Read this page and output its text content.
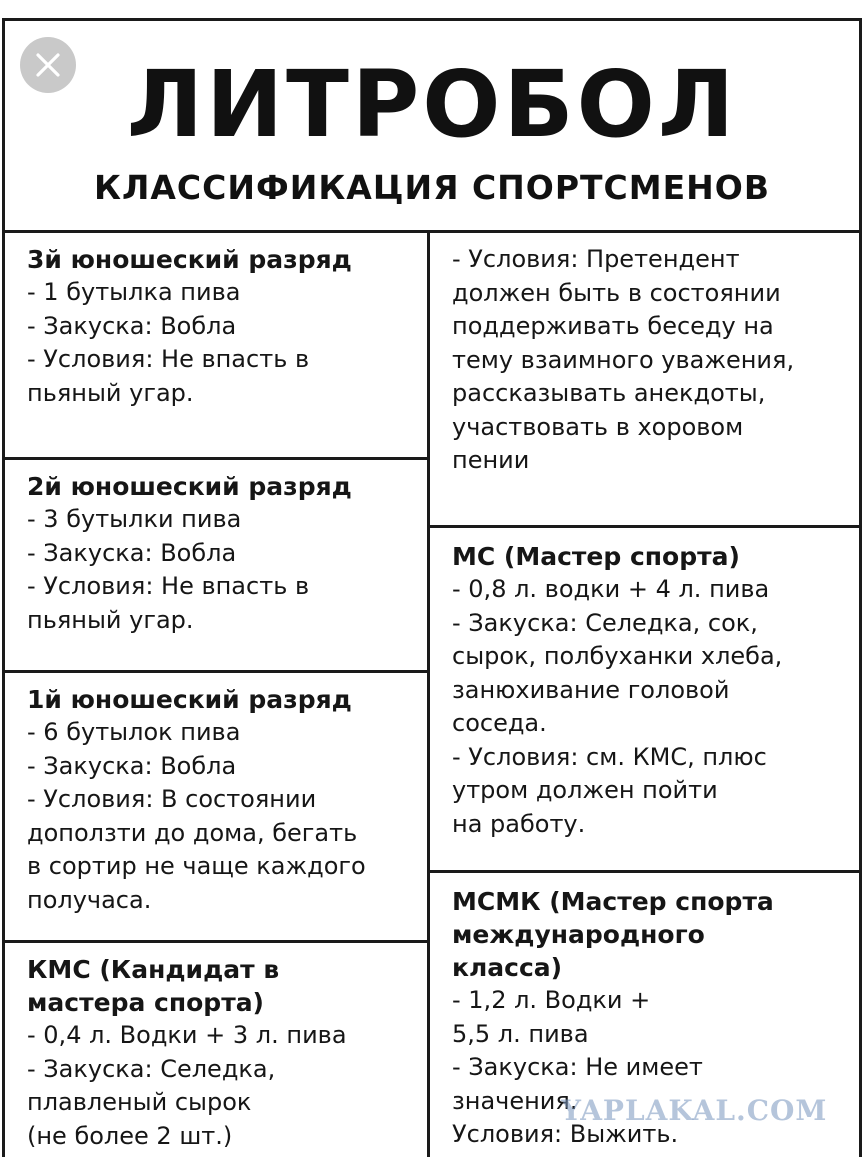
ЛИТРОБОЛ
КЛАССИФИКАЦИЯ СПОРТСМЕНОВ
3й юношеский разряд
- 1 бутылка пива
- Закуска: Вобла
- Условия: Не впасть в
пьяный угар.
2й юношеский разряд
- 3 бутылки пива
- Закуска: Вобла
- Условия: Не впасть в
пьяный угар.
1й юношеский разряд
- 6 бутылок пива
- Закуска: Вобла
- Условия: В состоянии
доползти до дома, бегать
в сортир не чаще каждого
получаса.
КМС (Кандидат в
мастера спорта)
- 0,4 л. Водки + 3 л. пива
- Закуска: Селедка,
плавленый сырок
(не более 2 шт.)
- Условия: Претендент
должен быть в состоянии
поддерживать беседу на
тему взаимного уважения,
рассказывать анекдоты,
участвовать в хоровом
пении
МС (Мастер спорта)
- 0,8 л. водки + 4 л. пива
- Закуска: Селедка, сок,
сырок, полбуханки хлеба,
занюхивание головой
соседа.
- Условия: см. КМС, плюс
утром должен пойти
на работу.
МСМК (Мастер спорта
международного
класса)
- 1,2 л. Водки +
5,5 л. пива
- Закуска: Не имеет
значения.
Условия: Выжить.
YAPLAKAL.COM
